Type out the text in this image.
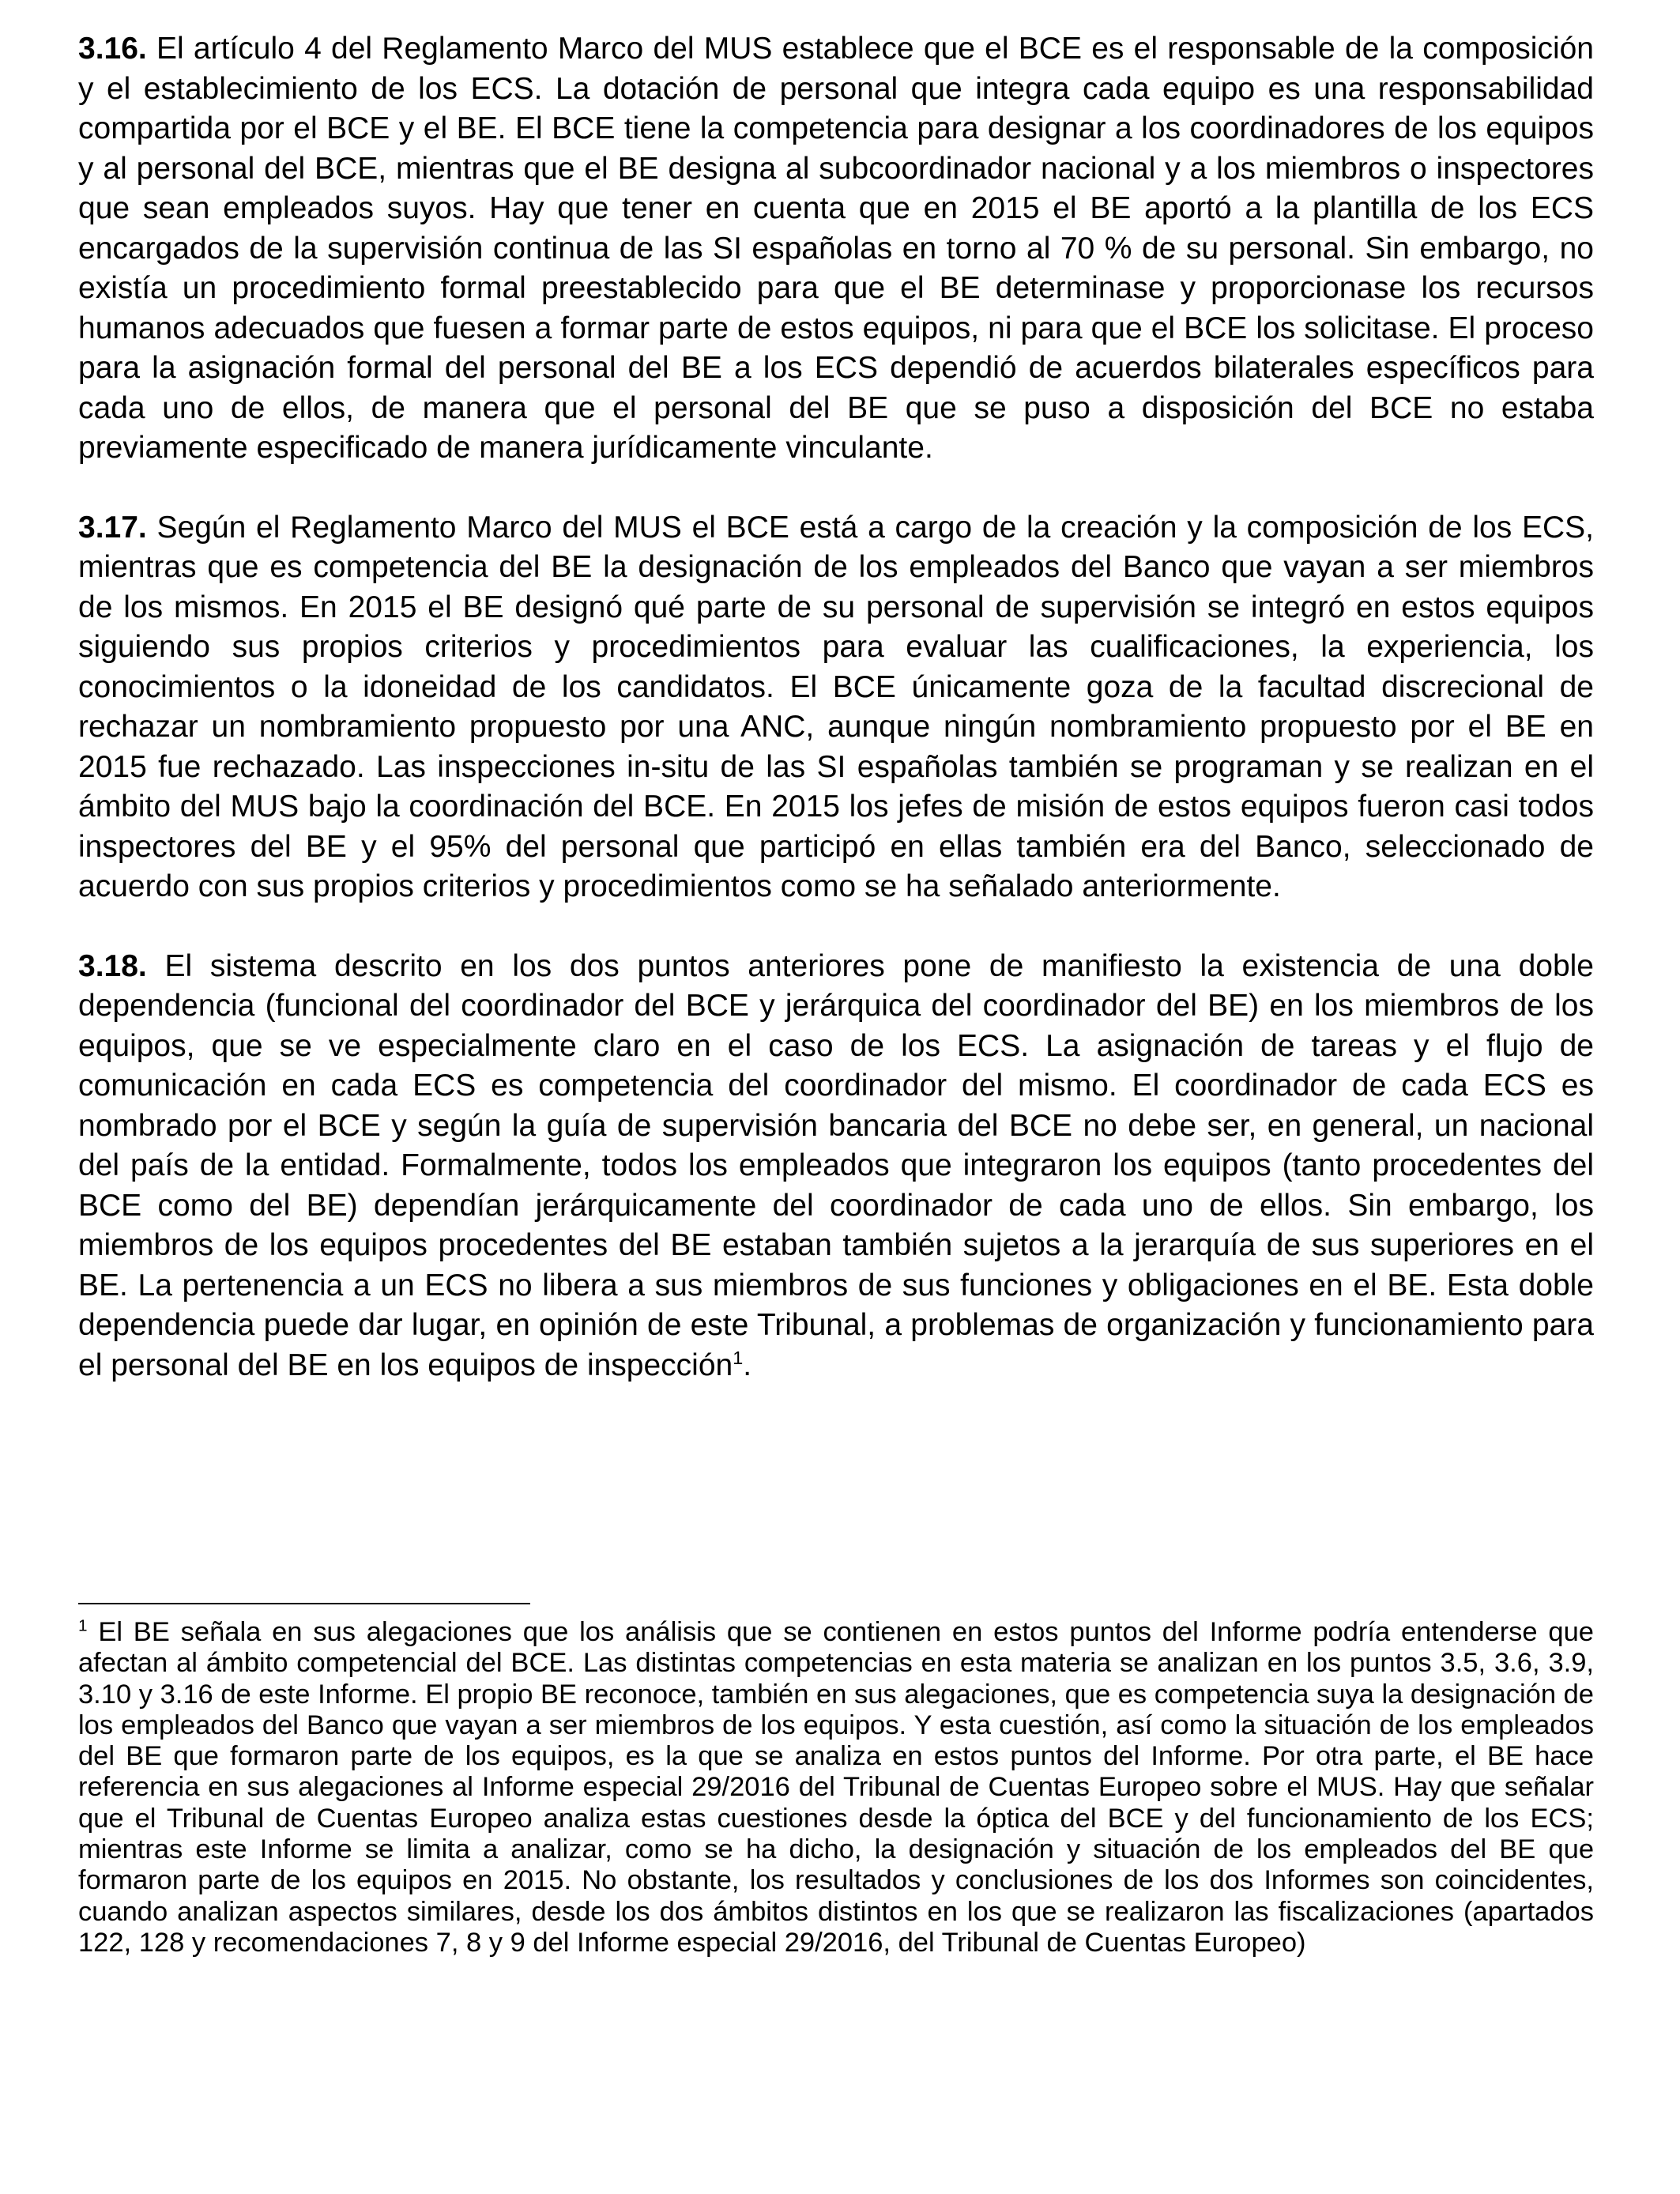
3.16. El artículo 4 del Reglamento Marco del MUS establece que el BCE es el responsable de la composición y el establecimiento de los ECS. La dotación de personal que integra cada equipo es una responsabilidad compartida por el BCE y el BE. El BCE tiene la competencia para designar a los coordinadores de los equipos y al personal del BCE, mientras que el BE designa al subcoordinador nacional y a los miembros o inspectores que sean empleados suyos. Hay que tener en cuenta que en 2015 el BE aportó a la plantilla de los ECS encargados de la supervisión continua de las SI españolas en torno al 70 % de su personal. Sin embargo, no existía un procedimiento formal preestablecido para que el BE determinase y proporcionase los recursos humanos adecuados que fuesen a formar parte de estos equipos, ni para que el BCE los solicitase. El proceso para la asignación formal del personal del BE a los ECS dependió de acuerdos bilaterales específicos para cada uno de ellos, de manera que el personal del BE que se puso a disposición del BCE no estaba previamente especificado de manera jurídicamente vinculante.

3.17. Según el Reglamento Marco del MUS el BCE está a cargo de la creación y la composición de los ECS, mientras que es competencia del BE la designación de los empleados del Banco que vayan a ser miembros de los mismos. En 2015 el BE designó qué parte de su personal de supervisión se integró en estos equipos siguiendo sus propios criterios y procedimientos para evaluar las cualificaciones, la experiencia, los conocimientos o la idoneidad de los candidatos. El BCE únicamente goza de la facultad discrecional de rechazar un nombramiento propuesto por una ANC, aunque ningún nombramiento propuesto por el BE en 2015 fue rechazado. Las inspecciones in-situ de las SI españolas también se programan y se realizan en el ámbito del MUS bajo la coordinación del BCE. En 2015 los jefes de misión de estos equipos fueron casi todos inspectores del BE y el 95% del personal que participó en ellas también era del Banco, seleccionado de acuerdo con sus propios criterios y procedimientos como se ha señalado anteriormente.

3.18. El sistema descrito en los dos puntos anteriores pone de manifiesto la existencia de una doble dependencia (funcional del coordinador del BCE y jerárquica del coordinador del BE) en los miembros de los equipos, que se ve especialmente claro en el caso de los ECS. La asignación de tareas y el flujo de comunicación en cada ECS es competencia del coordinador del mismo. El coordinador de cada ECS es nombrado por el BCE y según la guía de supervisión bancaria del BCE no debe ser, en general, un nacional del país de la entidad. Formalmente, todos los empleados que integraron los equipos (tanto procedentes del BCE como del BE) dependían jerárquicamente del coordinador de cada uno de ellos. Sin embargo, los miembros de los equipos procedentes del BE estaban también sujetos a la jerarquía de sus superiores en el BE. La pertenencia a un ECS no libera a sus miembros de sus funciones y obligaciones en el BE. Esta doble dependencia puede dar lugar, en opinión de este Tribunal, a problemas de organización y funcionamiento para el personal del BE en los equipos de inspección$^1$.

$^1$ El BE señala en sus alegaciones que los análisis que se contienen en estos puntos del Informe podría entenderse que afectan al ámbito competencial del BCE. Las distintas competencias en esta materia se analizan en los puntos 3.5, 3.6, 3.9, 3.10 y 3.16 de este Informe. El propio BE reconoce, también en sus alegaciones, que es competencia suya la designación de los empleados del Banco que vayan a ser miembros de los equipos. Y esta cuestión, así como la situación de los empleados del BE que formaron parte de los equipos, es la que se analiza en estos puntos del Informe. Por otra parte, el BE hace referencia en sus alegaciones al Informe especial 29/2016 del Tribunal de Cuentas Europeo sobre el MUS. Hay que señalar que el Tribunal de Cuentas Europeo analiza estas cuestiones desde la óptica del BCE y del funcionamiento de los ECS; mientras este Informe se limita a analizar, como se ha dicho, la designación y situación de los empleados del BE que formaron parte de los equipos en 2015. No obstante, los resultados y conclusiones de los dos Informes son coincidentes, cuando analizan aspectos similares, desde los dos ámbitos distintos en los que se realizaron las fiscalizaciones (apartados 122, 128 y recomendaciones 7, 8 y 9 del Informe especial 29/2016, del Tribunal de Cuentas Europeo)
